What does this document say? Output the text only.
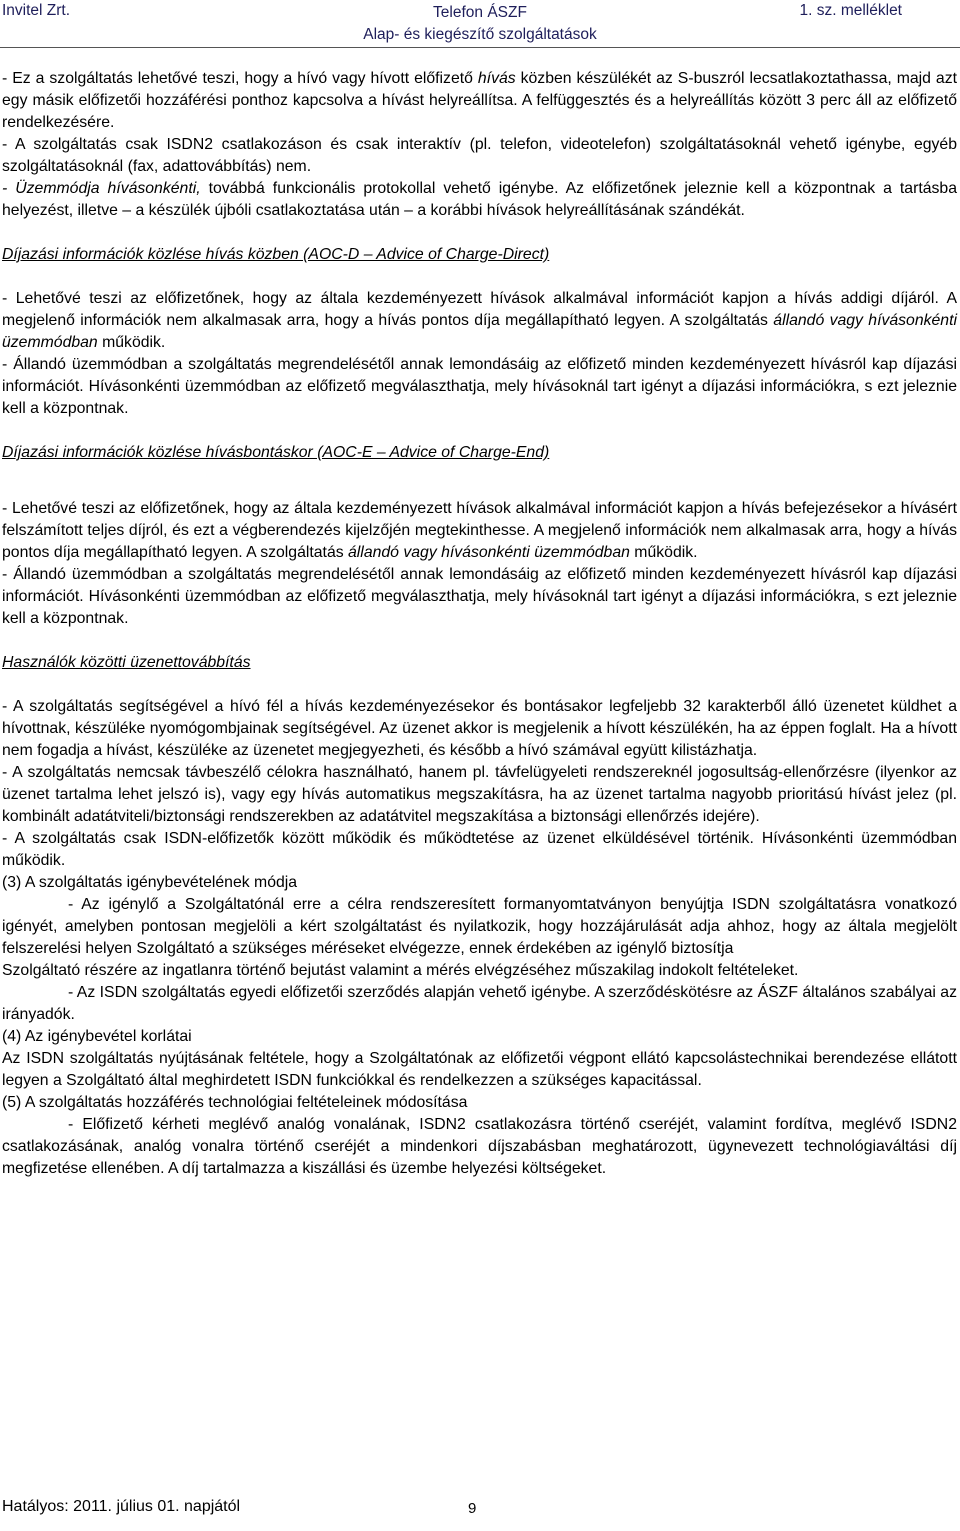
Invitel Zrt.	Telefon ÁSZF
Alap- és kiegészítő szolgáltatások
1. sz. melléklet

- Ez a szolgáltatás lehetővé teszi, hogy a hívó vagy hívott előfizető hívás közben készülékét az S-buszról lecsatlakoztathassa, majd azt egy másik előfizetői hozzáférési ponthoz kapcsolva a hívást helyreállítsa. A felfüggesztés és a helyreállítás között 3 perc áll az előfizető rendelkezésére.

- A szolgáltatás csak ISDN2 csatlakozáson és csak interaktív (pl. telefon, videotelefon) szolgáltatásoknál vehető igénybe, egyéb szolgáltatásoknál (fax, adattovábbítás) nem.

- Üzemmódja hívásonkénti, továbbá funkcionális protokollal vehető igénybe. Az előfizetőnek jeleznie kell a központnak a tartásba helyezést, illetve – a készülék újbóli csatlakoztatása után – a korábbi hívások helyreállításának szándékát.

Díjazási információk közlése hívás közben (AOC-D – Advice of Charge-Direct)

- Lehetővé teszi az előfizetőnek, hogy az általa kezdeményezett hívások alkalmával információt kapjon a hívás addigi díjáról. A megjelenő információk nem alkalmasak arra, hogy a hívás pontos díja megállapítható legyen. A szolgáltatás állandó vagy hívásonkénti üzemmódban működik.

- Állandó üzemmódban a szolgáltatás megrendelésétől annak lemondásáig az előfizető minden kezdeményezett hívásról kap díjazási információt. Hívásonkénti üzemmódban az előfizető megválaszthatja, mely hívásoknál tart igényt a díjazási információkra, s ezt jeleznie kell a központnak.

Díjazási információk közlése hívásbontáskor (AOC-E – Advice of Charge-End)

- Lehetővé teszi az előfizetőnek, hogy az általa kezdeményezett hívások alkalmával információt kapjon a hívás befejezésekor a hívásért felszámított teljes díjról, és ezt a végberendezés kijelzőjén megtekinthesse. A megjelenő információk nem alkalmasak arra, hogy a hívás pontos díja megállapítható legyen. A szolgáltatás állandó vagy hívásonkénti üzemmódban működik.

- Állandó üzemmódban a szolgáltatás megrendelésétől annak lemondásáig az előfizető minden kezdeményezett hívásról kap díjazási információt. Hívásonkénti üzemmódban az előfizető megválaszthatja, mely hívásoknál tart igényt a díjazási információkra, s ezt jeleznie kell a központnak.

Használók közötti üzenettovábbítás

- A szolgáltatás segítségével a hívó fél a hívás kezdeményezésekor és bontásakor legfeljebb 32 karakterből álló üzenetet küldhet a hívottnak, készüléke nyomógombjainak segítségével. Az üzenet akkor is megjelenik a hívott készülékén, ha az éppen foglalt. Ha a hívott nem fogadja a hívást, készüléke az üzenetet megjegyezheti, és később a hívó számával együtt kilistázhatja.

- A szolgáltatás nemcsak távbeszélő célokra használható, hanem pl. távfelügyeleti rendszereknél jogosultság-ellenőrzésre (ilyenkor az üzenet tartalma lehet jelszó is), vagy egy hívás automatikus megszakításra, ha az üzenet tartalma nagyobb prioritású hívást jelez (pl. kombinált adatátviteli/biztonsági rendszerekben az adatátvitel megszakítása a biztonsági ellenőrzés idejére).

- A szolgáltatás csak ISDN-előfizetők között működik és működtetése az üzenet elküldésével történik. Hívásonkénti üzemmódban működik.

(3) A szolgáltatás igénybevételének módja

- Az igénylő a Szolgáltatónál erre a célra rendszeresített formanyomtatványon benyújtja ISDN szolgáltatásra vonatkozó igényét, amelyben pontosan megjelöli a kért szolgáltatást és nyilatkozik, hogy hozzájárulását adja ahhoz, hogy az általa megjelölt felszerelési helyen Szolgáltató a szükséges méréseket elvégezze, ennek érdekében az igénylő biztosítja

Szolgáltató részére az ingatlanra történő bejutást valamint a mérés elvégzéséhez műszakilag indokolt feltételeket.

- Az ISDN szolgáltatás egyedi előfizetői szerződés alapján vehető igénybe. A szerződéskötésre az ÁSZF általános szabályai az irányadók.

(4) Az igénybevétel korlátai

Az ISDN szolgáltatás nyújtásának feltétele, hogy a Szolgáltatónak az előfizetői végpont ellátó kapcsolástechnikai berendezése ellátott legyen a Szolgáltató által meghirdetett ISDN funkciókkal és rendelkezzen a szükséges kapacitással.

(5) A szolgáltatás hozzáférés technológiai feltételeinek módosítása

- Előfizető kérheti meglévő analóg vonalának, ISDN2 csatlakozásra történő cseréjét, valamint fordítva, meglévő ISDN2 csatlakozásának, analóg vonalra történő cseréjét a mindenkori díjszabásban meghatározott, ügynevezett technológiaváltási díj megfizetése ellenében. A díj tartalmazza a kiszállási és üzembe helyezési költségeket.

Hatályos: 2011. július 01. napjától	9
